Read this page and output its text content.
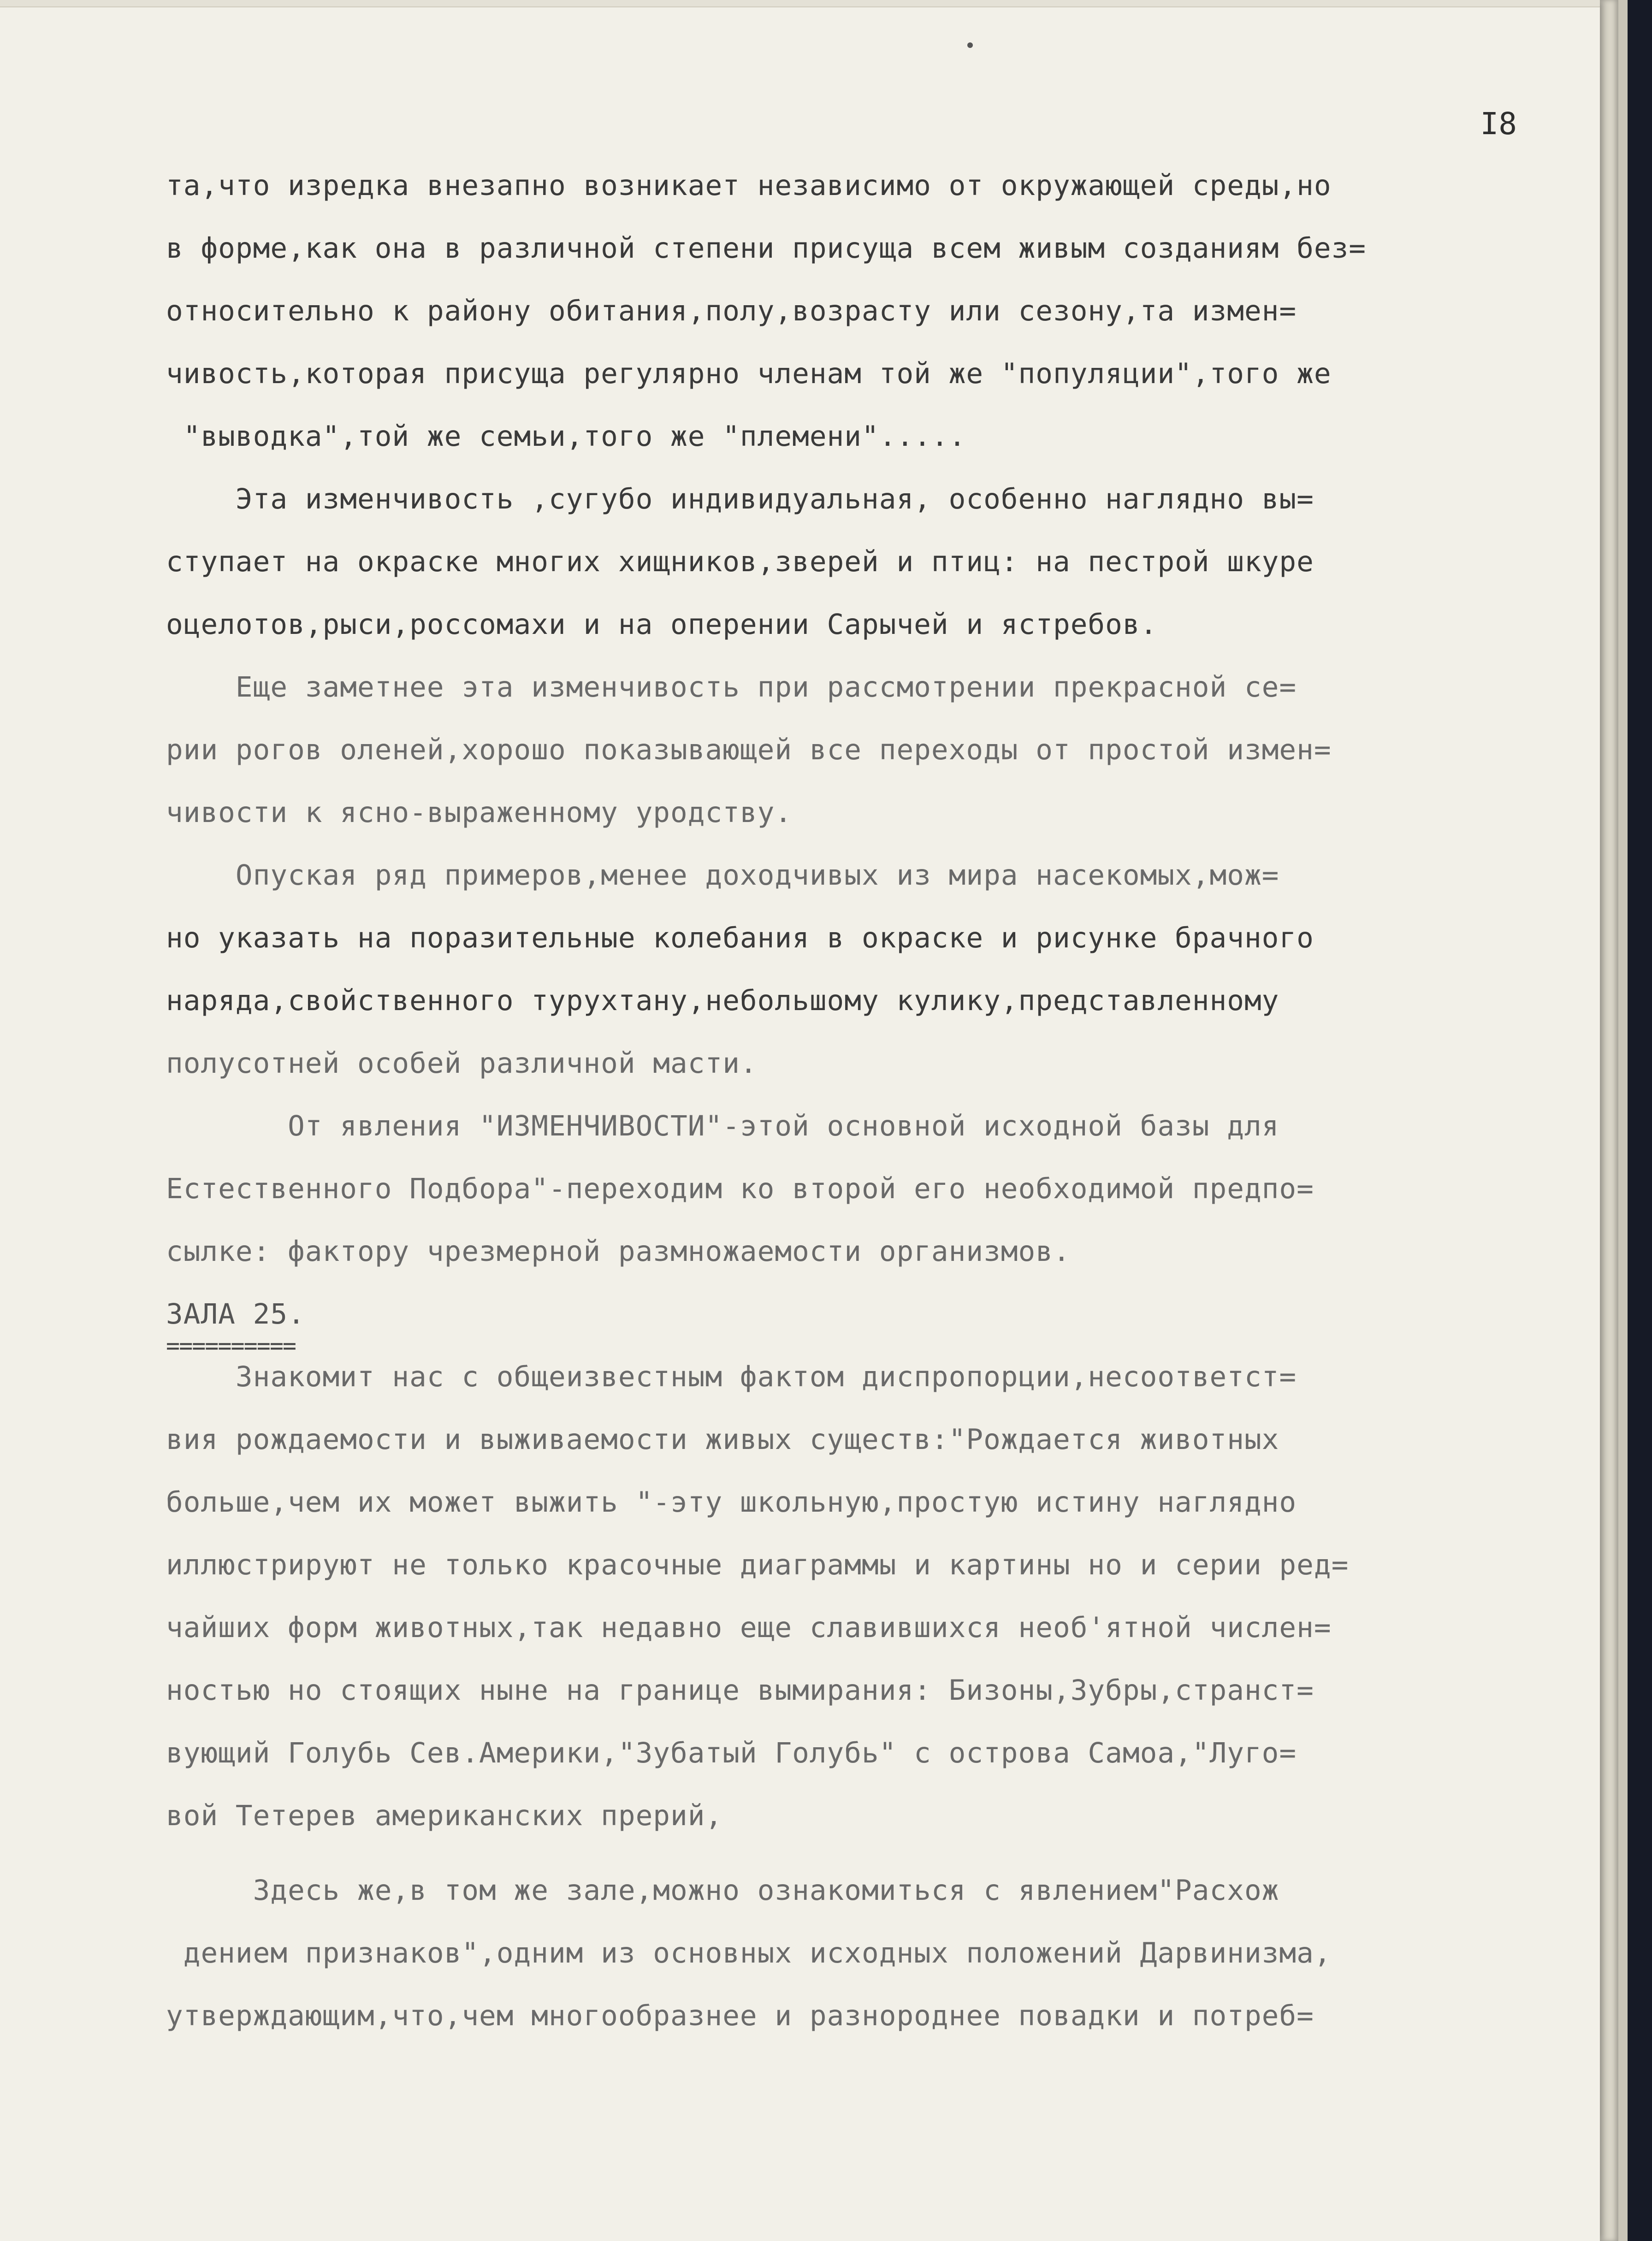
I8
та,что изредка внезапно возникает независимо от окружающей среды,но
в форме,как она в различной степени присуща всем живым созданиям без=
относительно к району обитания,полу,возрасту или сезону,та измен=
чивость,которая присуща регулярно членам той же "популяции",того же
"выводка",той же семьи,того же "племени".....
Эта изменчивость ,сугубо индивидуальная, особенно наглядно вы=
ступает на окраске многих хищников,зверей и птиц: на пестрой шкуре
оцелотов,рыси,россомахи и на оперении Сарычей и ястребов.
Еще заметнее эта изменчивость при рассмотрении прекрасной се=
рии рогов оленей,хорошо показывающей все переходы от простой измен=
чивости к ясно-выраженному уродству.
Опуская ряд примеров,менее доходчивых из мира насекомых,мож=
но указать на поразительные колебания в окраске и рисунке брачного
наряда,свойственного турухтану,небольшому кулику,представленному
полусотней особей различной масти.
От явления "ИЗМЕНЧИВОСТИ"-этой основной исходной базы для
Естественного Подбора"-переходим ко второй его необходимой предпо=
сылке: фактору чрезмерной размножаемости организмов.
ЗАЛА 25.
==========
Знакомит нас с общеизвестным фактом диспропорции,несоответст=
вия рождаемости и выживаемости живых существ:"Рождается животных
больше,чем их может выжить "-эту школьную,простую истину наглядно
иллюстрируют не только красочные диаграммы и картины но и серии ред=
чайших форм животных,так недавно еще славившихся необ'ятной числен=
ностью но стоящих ныне на границе вымирания: Бизоны,Зубры,странст=
вующий Голубь Сев.Америки,"Зубатый Голубь" с острова Самоа,"Луго=
вой Тетерев американских прерий,
Здесь же,в том же зале,можно ознакомиться с явлением"Расхож
дением признаков",одним из основных исходных положений Дарвинизма,
утверждающим,что,чем многообразнее и разнороднее повадки и потреб=
